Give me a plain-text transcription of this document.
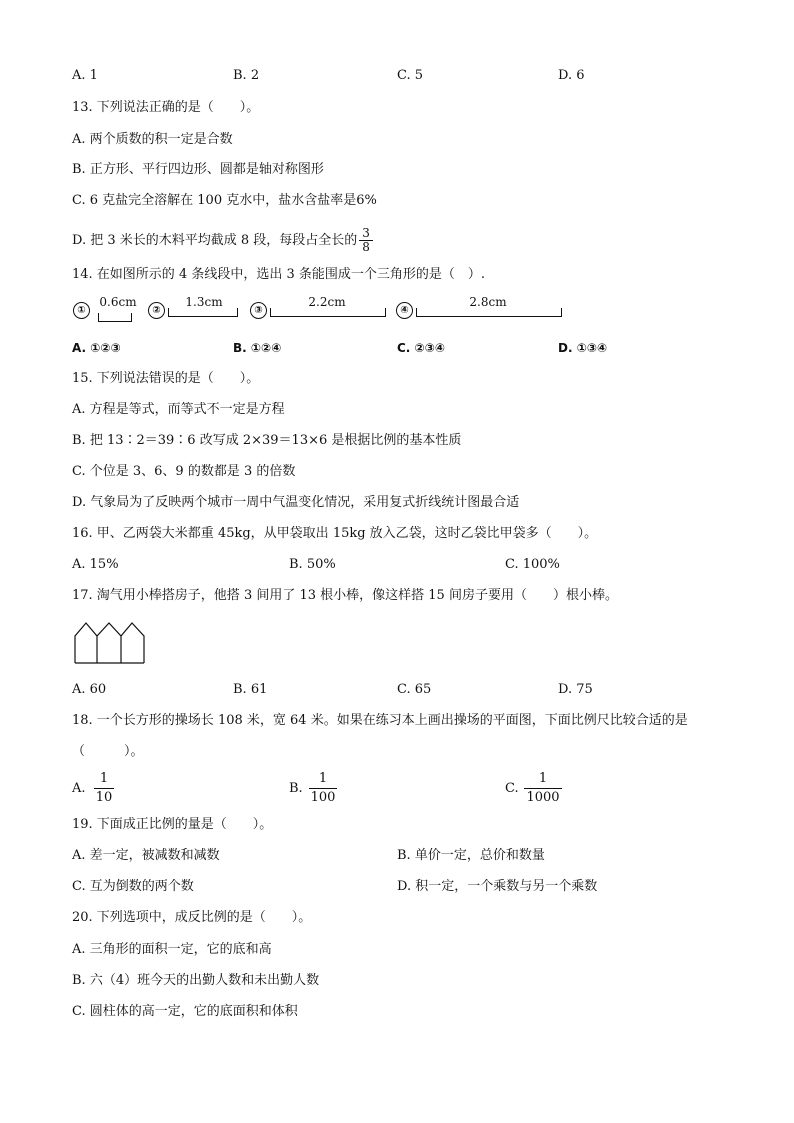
A. 1	B. 2	C. 5	D. 6
13. 下列说法正确的是（　　）。
A. 两个质数的积一定是合数
B. 正方形、平行四边形、圆都是轴对称图形
C. 6 克盐完全溶解在 100 克水中，盐水含盐率是6%
D. 把 3 米长的木料平均截成 8 段，每段占全长的 $\frac{3}{8}$
14. 在如图所示的 4 条线段中，选出 3 条能围成一个三角形的是（　）.
①
0.6cm
②
1.3cm
③
2.2cm
④
2.8cm
A. ①②③	B. ①②④	C. ②③④	D. ①③④
15. 下列说法错误的是（　　）。
A. 方程是等式，而等式不一定是方程
B. 把 13∶2＝39∶6 改写成 2×39＝13×6 是根据比例的基本性质
C. 个位是 3、6、9 的数都是 3 的倍数
D. 气象局为了反映两个城市一周中气温变化情况，采用复式折线统计图最合适
16. 甲、乙两袋大米都重 45kg，从甲袋取出 15kg 放入乙袋，这时乙袋比甲袋多（　　）。
A. 15%	B. 50%	C. 100%
17. 淘气用小棒搭房子，他搭 3 间用了 13 根小棒，像这样搭 15 间房子要用（　　）根小棒。
A. 60	B. 61	C. 65	D. 75
18. 一个长方形的操场长 108 米，宽 64 米。如果在练习本上画出操场的平面图，下面比例尺比较合适的是
（　　　）。
A. $\frac{1}{10}$	B. $\frac{1}{100}$	C. $\frac{1}{1000}$
19. 下面成正比例的量是（　　）。
A. 差一定，被减数和减数	B. 单价一定，总价和数量
C. 互为倒数的两个数	D. 积一定，一个乘数与另一个乘数
20. 下列选项中，成反比例的是（　　）。
A. 三角形的面积一定，它的底和高
B. 六（4）班今天的出勤人数和未出勤人数
C. 圆柱体的高一定，它的底面积和体积
